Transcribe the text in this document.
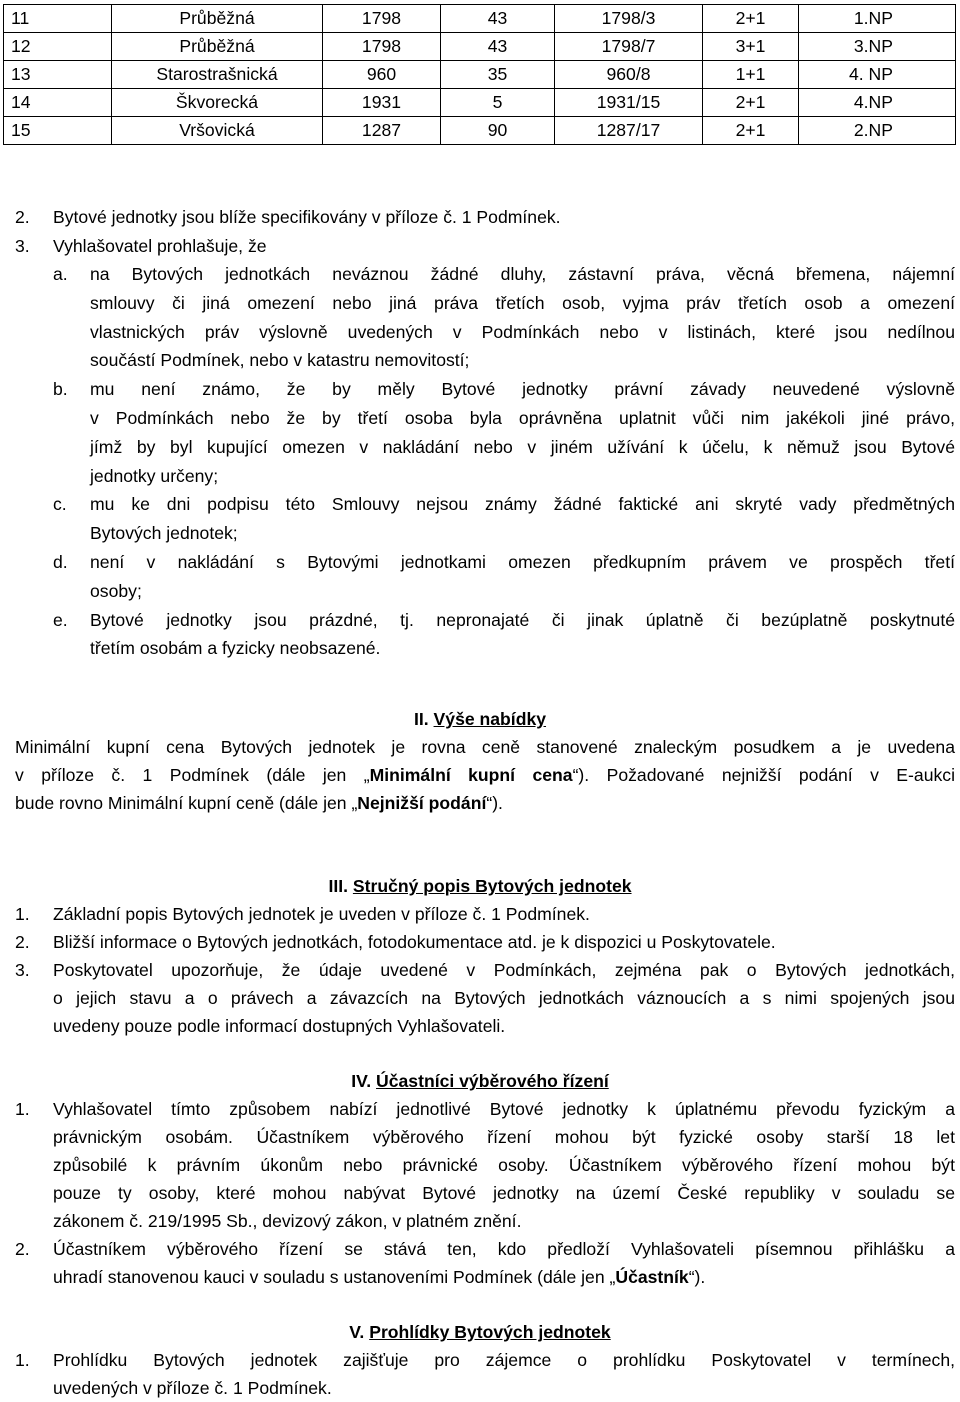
11	Průběžná	1798	43	1798/3	2+1	1.NP
12	Průběžná	1798	43	1798/7	3+1	3.NP
13	Starostrašnická	960	35	960/8	1+1	4. NP
14	Škvorecká	1931	5	1931/15	2+1	4.NP
15	Vršovická	1287	90	1287/17	2+1	2.NP
2. Bytové jednotky jsou blíže specifikovány v příloze č. 1 Podmínek.
3. Vyhlašovatel prohlašuje, že
a. na Bytových jednotkách neváznou žádné dluhy, zástavní práva, věcná břemena, nájemní
smlouvy či jiná omezení nebo jiná práva třetích osob, vyjma práv třetích osob a omezení
vlastnických práv výslovně uvedených v Podmínkách nebo v listinách, které jsou nedílnou
součástí Podmínek, nebo v katastru nemovitostí;
b. mu není známo, že by měly Bytové jednotky právní závady neuvedené výslovně
v Podmínkách nebo že by třetí osoba byla oprávněna uplatnit vůči nim jakékoli jiné právo,
jímž by byl kupující omezen v nakládání nebo v jiném užívání k účelu, k němuž jsou Bytové
jednotky určeny;
c. mu ke dni podpisu této Smlouvy nejsou známy žádné faktické ani skryté vady předmětných
Bytových jednotek;
d. není v nakládání s Bytovými jednotkami omezen předkupním právem ve prospěch třetí
osoby;
e. Bytové jednotky jsou prázdné, tj. nepronajaté či jinak úplatně či bezúplatně poskytnuté
třetím osobám a fyzicky neobsazené.
II. Výše nabídky
Minimální kupní cena Bytových jednotek je rovna ceně stanovené znaleckým posudkem a je uvedena
v příloze č. 1 Podmínek (dále jen „Minimální kupní cena“). Požadované nejnižší podání v E-aukci
bude rovno Minimální kupní ceně (dále jen „Nejnižší podání“).
III. Stručný popis Bytových jednotek
1. Základní popis Bytových jednotek je uveden v příloze č. 1 Podmínek.
2. Bližší informace o Bytových jednotkách, fotodokumentace atd. je k dispozici u Poskytovatele.
3. Poskytovatel upozorňuje, že údaje uvedené v Podmínkách, zejména pak o Bytových jednotkách,
o jejich stavu a o právech a závazcích na Bytových jednotkách váznoucích a s nimi spojených jsou
uvedeny pouze podle informací dostupných Vyhlašovateli.
IV. Účastníci výběrového řízení
1. Vyhlašovatel tímto způsobem nabízí jednotlivé Bytové jednotky k úplatnému převodu fyzickým a
právnickým osobám. Účastníkem výběrového řízení mohou být fyzické osoby starší 18 let
způsobilé k právním úkonům nebo právnické osoby. Účastníkem výběrového řízení mohou být
pouze ty osoby, které mohou nabývat Bytové jednotky na území České republiky v souladu se
zákonem č. 219/1995 Sb., devizový zákon, v platném znění.
2. Účastníkem výběrového řízení se stává ten, kdo předloží Vyhlašovateli písemnou přihlášku a
uhradí stanovenou kauci v souladu s ustanoveními Podmínek (dále jen „Účastník“).
V. Prohlídky Bytových jednotek
1. Prohlídku Bytových jednotek zajišťuje pro zájemce o prohlídku Poskytovatel v termínech,
uvedených v příloze č. 1 Podmínek.
